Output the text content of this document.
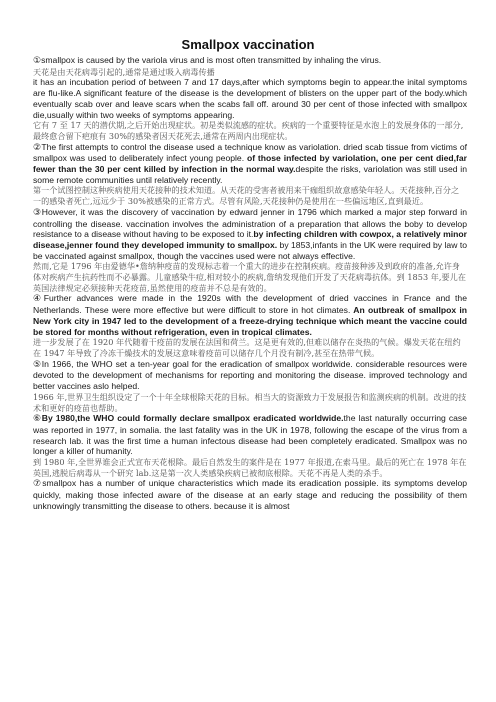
Smallpox vaccination

①smallpox is caused by the variola virus and is most often transmitted by inhaling the virus.

天花是由天花病毒引起的,通常是通过吸入病毒传播

it has an incubation period of between 7 and 17 days,after which symptoms begin to appear.the inital symptoms are flu-like.A significant feature of the disease is the development of blisters on the upper part of the body.which eventually scab over and leave scars when the scabs fall off. around 30 per cent of those infected with smallpox die,usually within two weeks of symptoms appearing.

它有 7 至 17 天的潜伏期,之后开始出现症状。初是类似流感的症状。疾病的一个重要特征是水泡上的发展身体的一部分,最终愈合留下疤痕有 30%的感染者因天花死去,通常在两周内出现症状。

②The first attempts to control the disease used a technique know as variolation. dried scab tissue from victims of smallpox was used to deliberately infect young people. of those infected by variolation, one per cent died,far fewer than the 30 per cent killed by infection in the normal way.despite the risks, variolation was still used in some remote communities until relatively recently.

第一个试图控制这种疾病使用天花接种的技术知道。从天花的受害者被用来干痂组织故意感染年轻人。天花接种,百分之一的感染者死亡,远远少于 30%被感染的正常方式。尽管有风险,天花接种仍是使用在一些偏远地区,直到最近。

③However, it was the discovery of vaccination by edward jenner in 1796 which marked a major step forward in controlling the disease. vaccination involves the administration of a preparation that allows the boby to develop resistance to a disease without having to be exposed to it.by infecting children with cowpox, a relatively minor disease,jenner found they developed immunity to smallpox. by 1853,infants in the UK were required by law to be vaccinated against smallpox, though the vaccines used were not always effective.

然而,它是 1796 年由爱德华•詹纳种疫苗的发现标志着一个重大的进步在控制疾病。疫苗接种涉及到政府的准备,允许身体对疾病产生抗药性而不必暴露。儿童感染牛痘,相对较小的疾病,詹纳发现他们开发了天花病毒抗体。到 1853 年,要儿在英国法律规定必须接种天花疫苗,虽然使用的疫苗并不总是有效的。

④Further advances were made in the 1920s with the development of dried vaccines in France and the Netherlands. These were more effective but were difficult to store in hot climates. An outbreak of smallpox in New York city in 1947 led to the development of a freeze-drying technique which meant the vaccine could be stored for months without refrigeration, even in tropical climates.

进一步发展了在 1920 年代随着干疫苗的发展在法国和荷兰。这是更有效的,但难以储存在炎热的气候。爆发天花在纽约在 1947 年导致了冷冻干燥技术的发展这意味着疫苗可以储存几个月没有制冷,甚至在热带气候。

⑤In 1966, the WHO set a ten-year goal for the eradication of smallpox worldwide. considerable resources were devoted to the development of mechanisms for reporting and monitoring the disease. improved technology and better vaccines aslo helped.

1966 年,世界卫生组织设定了一个十年全球根除天花的目标。相当大的资源致力于发展报告和监测疾病的机制。改进的技术和更好的疫苗也帮助。

⑥By 1980,the WHO could formally declare smallpox eradicated worldwide.the last naturally occurring case was reported in 1977, in somalia. the last fatality was in the UK in 1978, following the escape of the virus from a research lab. it was the first time a human infectous disease had been completely eradicated. Smallpox was no longer a killer of humanity.

到 1980 年,全世界谁会正式宣布天花根除。最后自然发生的案件是在 1977 年报道,在索马里。最后的死亡在 1978 年在英国,逃脱后病毒从一个研究 lab.这是第一次人类感染疾病已被彻底根除。天花不再是人类的杀手。

⑦smallpox has a number of unique characteristics which made its eradication possiple. its symptoms develop quickly, making those infected aware of the disease at an early stage and reducing the possibility of them unknowingly transmitting the disease to others. because it is almost
